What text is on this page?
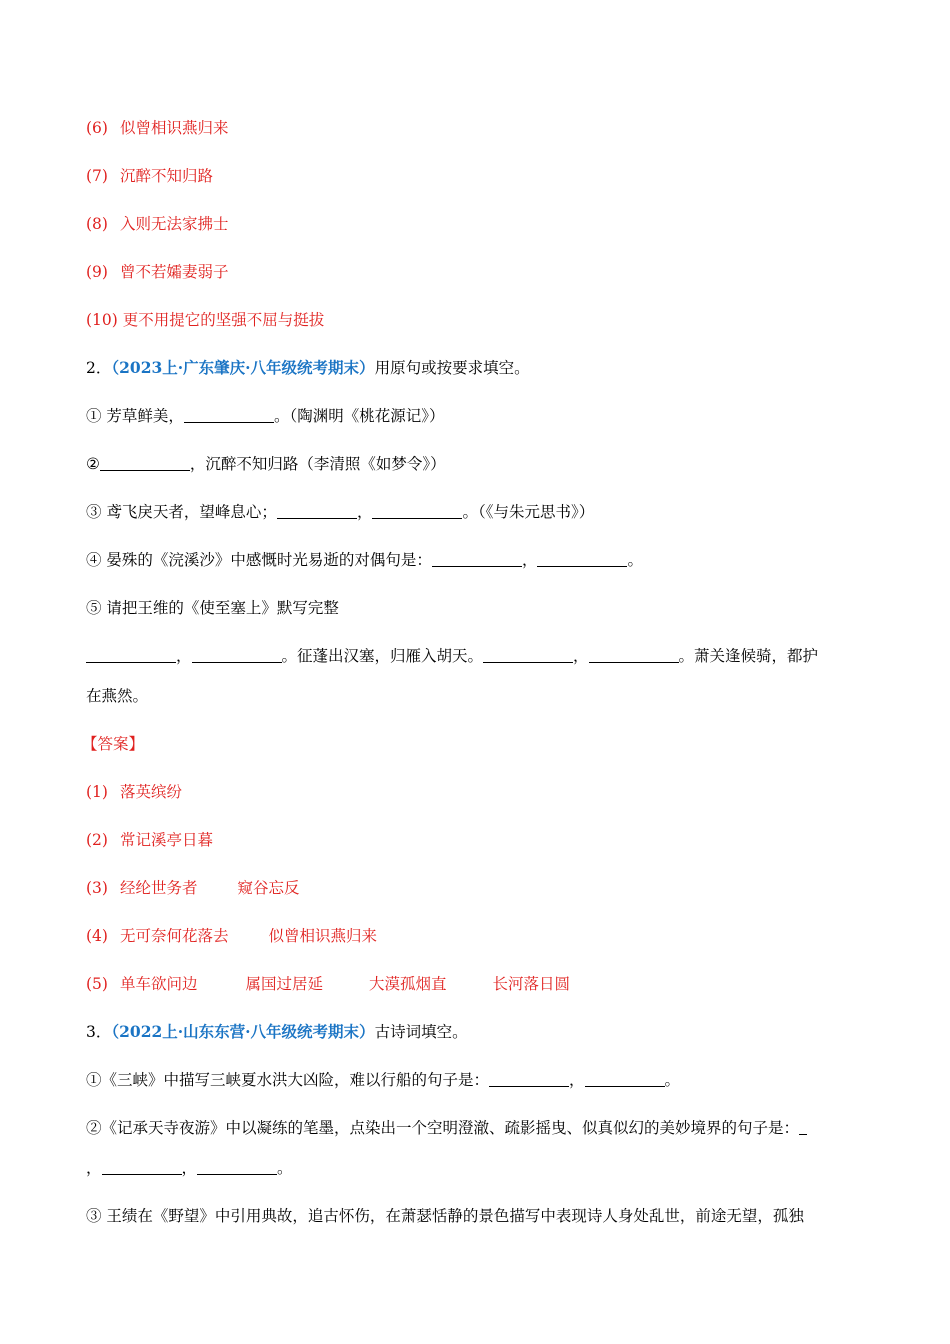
(6) 似曾相识燕归来
(7) 沉醉不知归路
(8) 入则无法家拂士
(9) 曾不若孀妻弱子
(10) 更不用提它的坚强不屈与挺拔
2．（2023上·广东肇庆·八年级统考期末）用原句或按要求填空。
① 芳草鲜美，	。（陶渊明《桃花源记》）
②	，沉醉不知归路（李清照《如梦令》）
③ 鸢飞戾天者，望峰息心；	，	。（《与朱元思书》）
④ 晏殊的《浣溪沙》中感慨时光易逝的对偶句是：	，	。
⑤ 请把王维的《使至塞上》默写完整
，	。征蓬出汉塞，归雁入胡天。	，	。萧关逢候骑，都护
在燕然。
【答案】
(1) 落英缤纷
(2) 常记溪亭日暮
(3) 经纶世务者	窥谷忘反
(4) 无可奈何花落去	似曾相识燕归来
(5) 单车欲问边	属国过居延	大漠孤烟直	长河落日圆
3．（2022上·山东东营·八年级统考期末）古诗词填空。
①《三峡》中描写三峡夏水洪大凶险，难以行船的句子是：	，	。
②《记承天寺夜游》中以凝练的笔墨，点染出一个空明澄澈、疏影摇曳、似真似幻的美妙境界的句子是：
，	，	。
③ 王绩在《野望》中引用典故，追古怀伤，在萧瑟恬静的景色描写中表现诗人身处乱世，前途无望，孤独
